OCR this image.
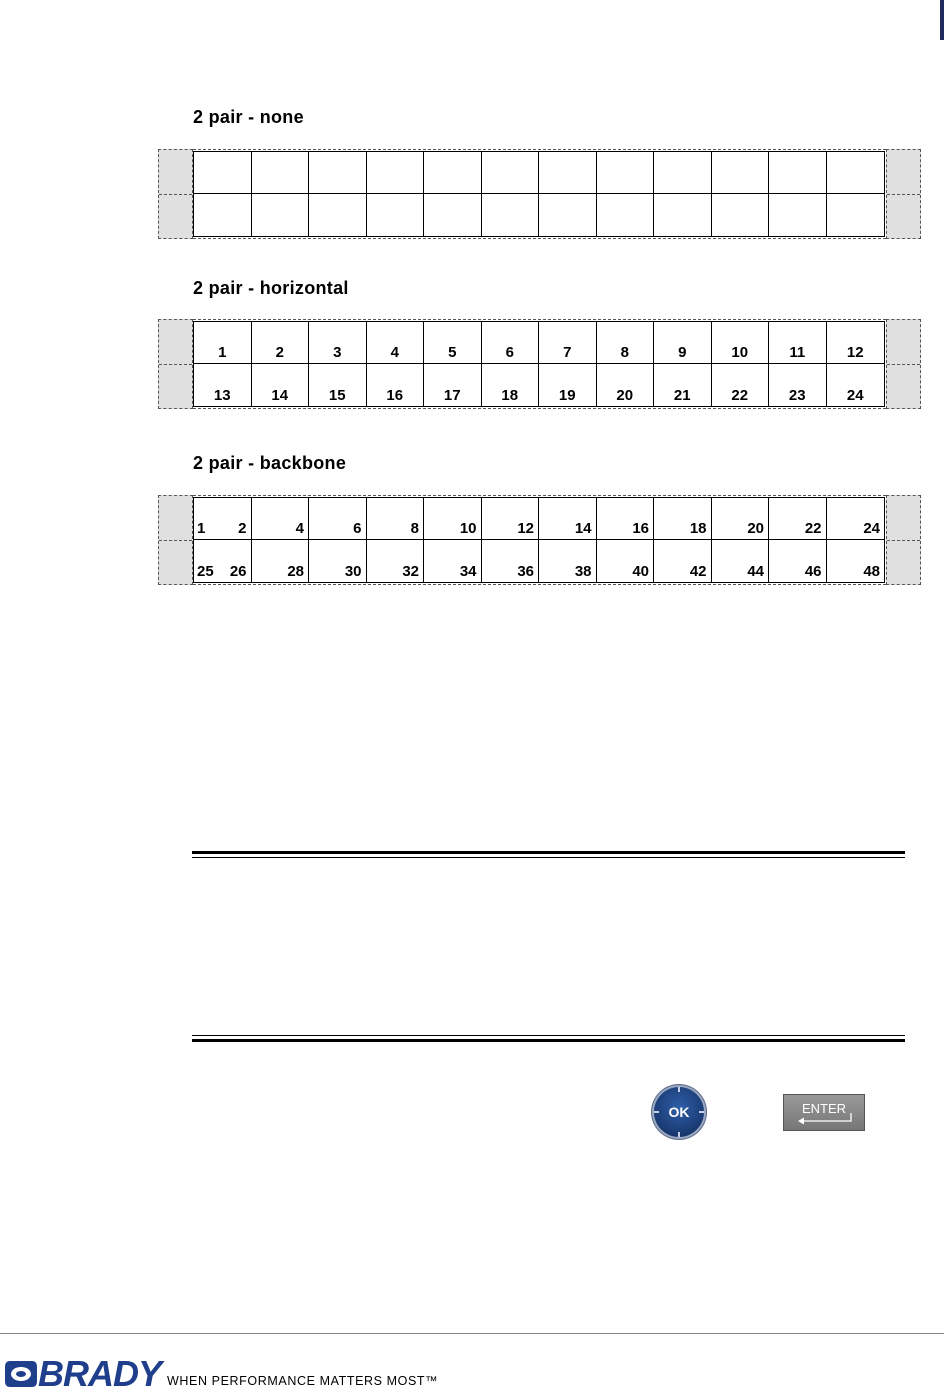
2 pair - none
2 pair - horizontal
1	2	3	4	5	6	7	8	9	10	11	12
13	14	15	16	17	18	19	20	21	22	23	24
2 pair - backbone
1 2	4	6	8	10	12	14	16	18	20	22	24
25 26	28	30	32	34	36	38	40	42	44	46	48
OK	ENTER
BRADY WHEN PERFORMANCE MATTERS MOST™
